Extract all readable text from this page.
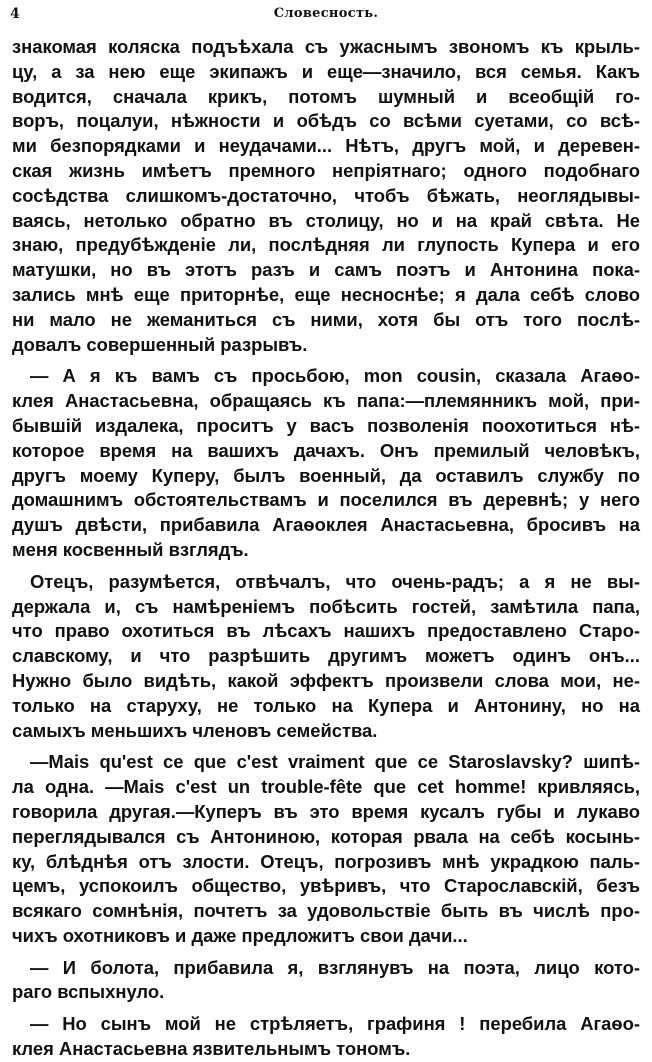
4	Словесность.
знакомая коляска подъѣхала съ ужаснымъ звономъ къ крыль-
цу, а за нею еще экипажъ и еще—значило, вся семья. Какъ
водится, сначала крикъ, потомъ шумный и всеобщій го-
воръ, поцалуи, нѣжности и обѣдъ со всѣми суетами, со всѣ-
ми безпорядками и неудачами... Нѣтъ, другъ мой, и деревен-
ская жизнь имѣетъ премного непріятнаго; одного подобнаго
сосѣдства слишкомъ-достаточно, чтобъ бѣжать, неоглядывы-
ваясь, нетолько обратно въ столицу, но и на край свѣта. Не
знаю, предубѣжденіе ли, послѣдняя ли глупость Купера и его
матушки, но въ этотъ разъ и самъ поэтъ и Антонина пока-
зались мнѣ еще приторнѣе, еще несноснѣе; я дала себѣ слово
ни мало не жеманиться съ ними, хотя бы отъ того послѣ-
довалъ совершенный разрывъ.
— А я къ вамъ съ просьбою, mon cousin, сказала Агаѳо-
клея Анастасьевна, обращаясь къ папа:—племянникъ мой, при-
бывшій издалека, проситъ у васъ позволенія поохотиться нѣ-
которое время на вашихъ дачахъ. Онъ премилый человѣкъ,
другъ моему Куперу, былъ военный, да оставилъ службу по
домашнимъ обстоятельствамъ и поселился въ деревнѣ; у него
душъ двѣсти, прибавила Агаѳоклея Анастасьевна, бросивъ на
меня косвенный взглядъ.
Отецъ, разумѣется, отвѣчалъ, что очень-радъ; а я не вы-
держала и, съ намѣреніемъ побѣсить гостей, замѣтила папа,
что право охотиться въ лѣсахъ нашихъ предоставлено Старо-
славскому, и что разрѣшить другимъ можетъ одинъ онъ...
Нужно было видѣть, какой эффектъ произвели слова мои, не-
только на старуху, не только на Купера и Антонину, но на
самыхъ меньшихъ членовъ семейства.
—Mais qu'est ce que c'est vraiment que ce Staroslavsky? шипѣ-
ла одна. —Mais c'est un trouble-fête que cet homme! кривляясь,
говорила другая.—Куперъ въ это время кусалъ губы и лукаво
переглядывался съ Антониною, которая рвала на себѣ косынь-
ку, блѣднѣя отъ злости. Отецъ, погрозивъ мнѣ украдкою паль-
цемъ, успокоилъ общество, увѣривъ, что Старославскій, безъ
всякаго сомнѣнія, почтетъ за удовольствіе быть въ числѣ про-
чихъ охотниковъ и даже предложитъ свои дачи...
— И болота, прибавила я, взглянувъ на поэта, лицо кото-
раго вспыхнуло.
— Но сынъ мой не стрѣляетъ, графиня ! перебила Агаѳо-
клея Анастасьевна язвительнымъ тономъ.
